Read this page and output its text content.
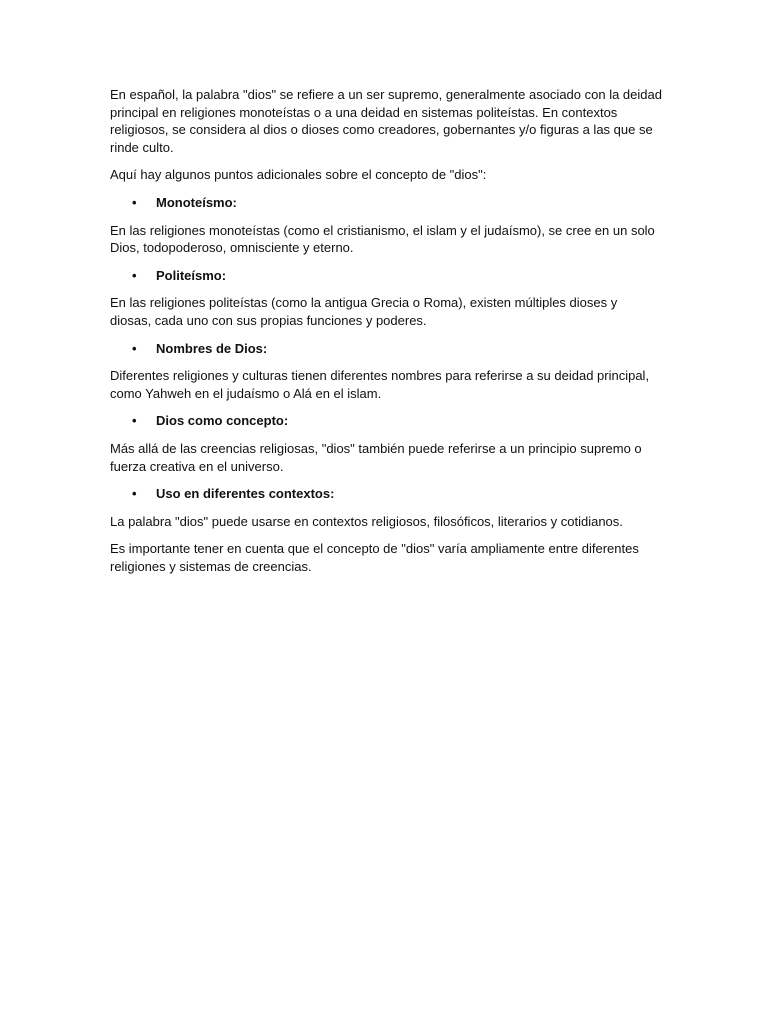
En español, la palabra "dios" se refiere a un ser supremo, generalmente asociado con la deidad principal en religiones monoteístas o a una deidad en sistemas politeístas. En contextos religiosos, se considera al dios o dioses como creadores, gobernantes y/o figuras a las que se rinde culto.

Aquí hay algunos puntos adicionales sobre el concepto de "dios":

• Monoteísmo:

En las religiones monoteístas (como el cristianismo, el islam y el judaísmo), se cree en un solo Dios, todopoderoso, omnisciente y eterno.

• Politeísmo:

En las religiones politeístas (como la antigua Grecia o Roma), existen múltiples dioses y diosas, cada uno con sus propias funciones y poderes.

• Nombres de Dios:

Diferentes religiones y culturas tienen diferentes nombres para referirse a su deidad principal, como Yahweh en el judaísmo o Alá en el islam.

• Dios como concepto:

Más allá de las creencias religiosas, "dios" también puede referirse a un principio supremo o fuerza creativa en el universo.

• Uso en diferentes contextos:

La palabra "dios" puede usarse en contextos religiosos, filosóficos, literarios y cotidianos.

Es importante tener en cuenta que el concepto de "dios" varía ampliamente entre diferentes religiones y sistemas de creencias.
